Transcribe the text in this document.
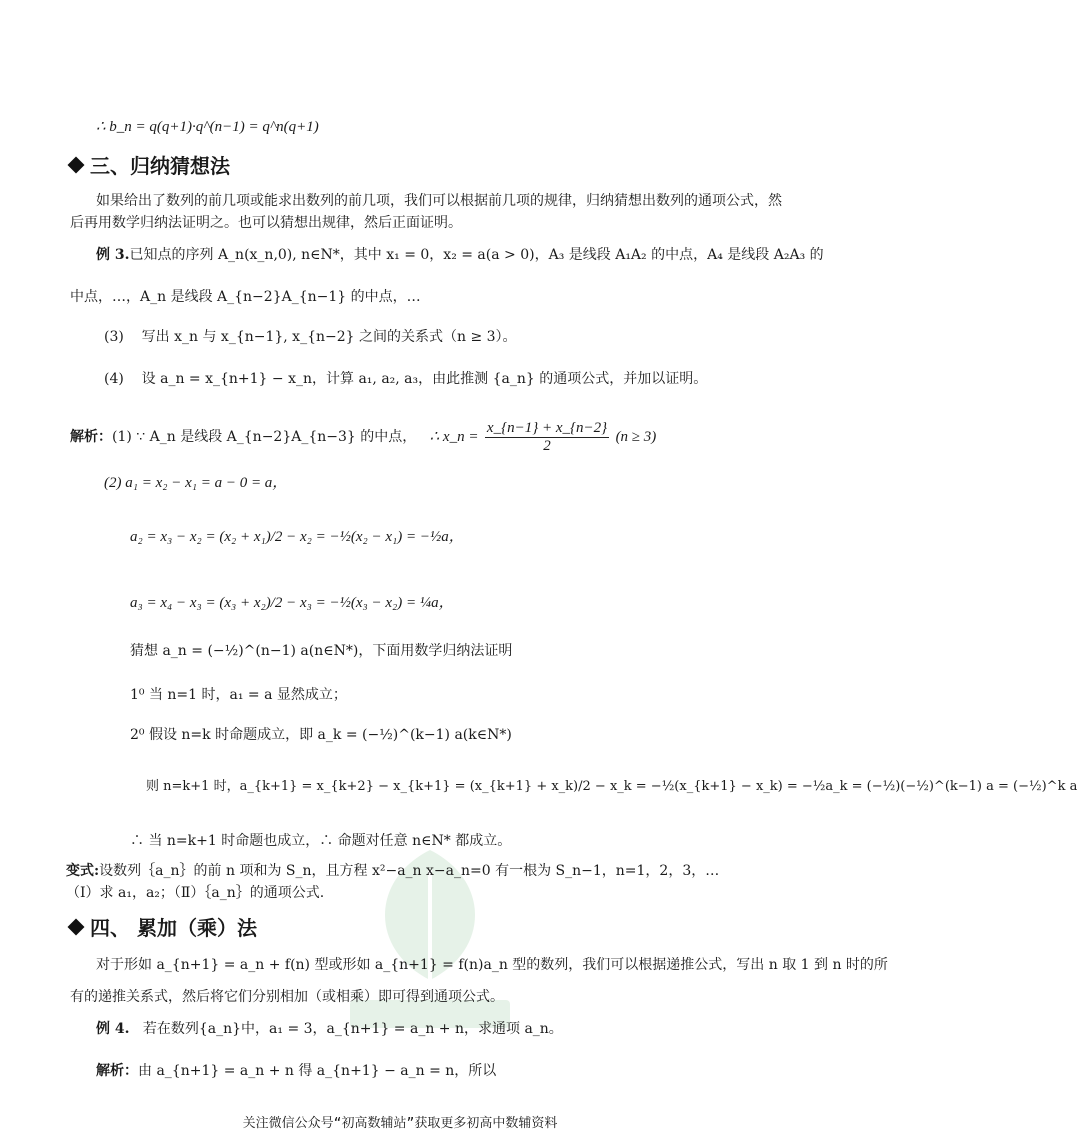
∴ b_n = q(q+1)·q^(n−1) = q^n(q+1)
三、归纳猜想法
如果给出了数列的前几项或能求出数列的前几项，我们可以根据前几项的规律，归纳猜想出数列的通项公式，然
后再用数学归纳法证明之。也可以猜想出规律，然后正面证明。
例 3.已知点的序列 A_n(x_n,0), n∈N*，其中 x₁ = 0，x₂ = a(a > 0)，A₃ 是线段 A₁A₂ 的中点，A₄ 是线段 A₂A₃ 的
中点，…，A_n 是线段 A_{n−2}A_{n−1} 的中点，…
(3) 写出 x_n 与 x_{n−1}, x_{n−2} 之间的关系式（n ≥ 3）。
(4) 设 a_n = x_{n+1} − x_n，计算 a₁, a₂, a₃，由此推测 {a_n} 的通项公式，并加以证明。
解析：(1) ∵ A_n 是线段 A_{n−2}A_{n−3} 的中点， ∴ x_n = $\frac{x\_\{n-1\} + x\_\{n-2\}}{2} (n \ge 3)$
(2) a₁ = x₂ − x₁ = a − 0 = a，
a₂ = x₃ − x₂ = (x₂ + x₁)/2 − x₂ = −½(x₂ − x₁) = −½a，
a₃ = x₄ − x₃ = (x₃ + x₂)/2 − x₃ = −½(x₃ − x₂) = ¼a，
猜想 a_n = (−½)^(n−1) a(n∈N*)，下面用数学归纳法证明
1⁰ 当 n=1 时，a₁ = a 显然成立；
2⁰ 假设 n=k 时命题成立，即 a_k = (−½)^(k−1) a(k∈N*)
则 n=k+1 时，a_{k+1} = x_{k+2} − x_{k+1} = (x_{k+1} + x_k)/2 − x_k = −½(x_{k+1} − x_k) = −½a_k = (−½)(−½)^(k−1) a = (−½)^k a
∴ 当 n=k+1 时命题也成立，∴ 命题对任意 n∈N* 都成立。
变式:设数列｛a_n｝的前 n 项和为 S_n，且方程 x²−a_n x−a_n=0 有一根为 S_n−1，n=1，2，3，…
（Ⅰ）求 a₁，a₂；（Ⅱ）｛a_n｝的通项公式.
四、 累加（乘）法
对于形如 a_{n+1} = a_n + f(n) 型或形如 a_{n+1} = f(n)a_n 型的数列，我们可以根据递推公式，写出 n 取 1 到 n 时的所
有的递推关系式，然后将它们分别相加（或相乘）即可得到通项公式。
例 4. 若在数列{a_n}中，a₁ = 3，a_{n+1} = a_n + n，求通项 a_n。
解析：由 a_{n+1} = a_n + n 得 a_{n+1} − a_n = n，所以
关注微信公众号“初高数辅站”获取更多初高中数辅资料
